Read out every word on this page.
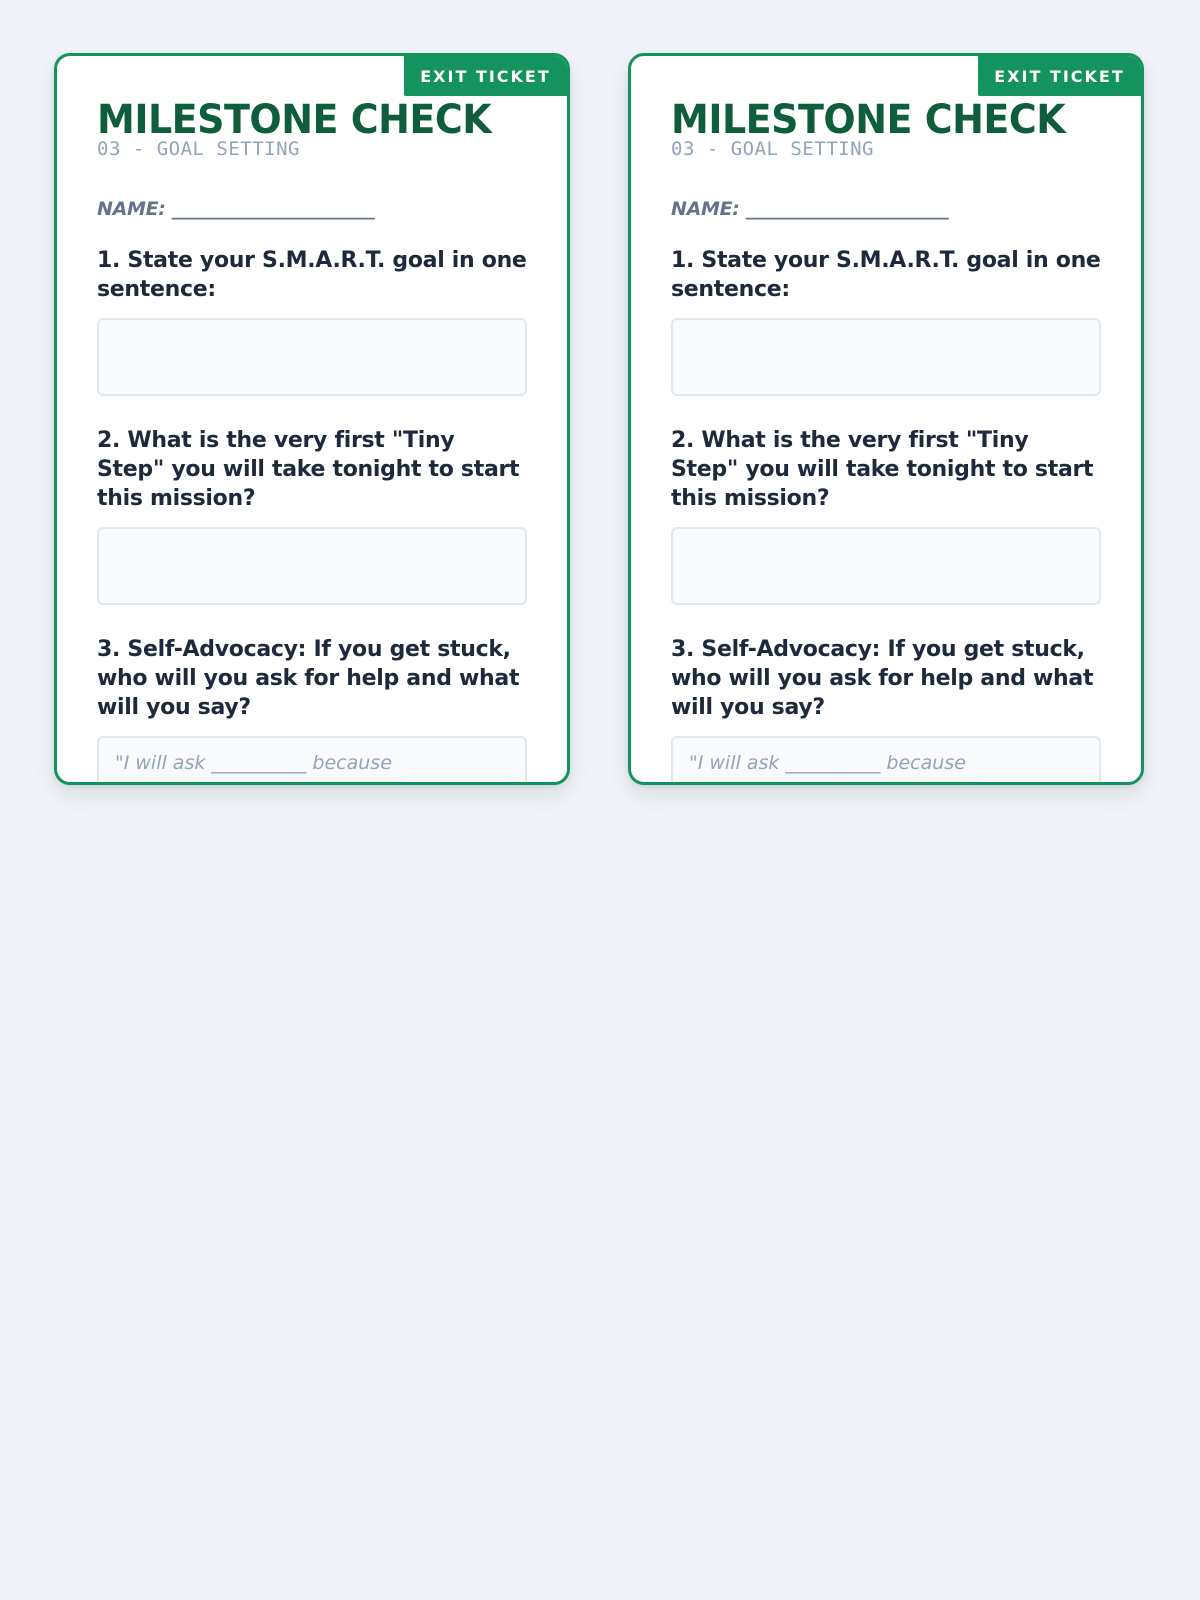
EXIT TICKET
MILESTONE CHECK
03 - GOAL SETTING
NAME: ______________________
1. State your S.M.A.R.T. goal in one sentence:
2. What is the very first "Tiny Step" you will take tonight to start this mission?
3. Self-Advocacy: If you get stuck, who will you ask for help and what will you say?
"I will ask __________ because
EXIT TICKET
MILESTONE CHECK
03 - GOAL SETTING
NAME: ______________________
1. State your S.M.A.R.T. goal in one sentence:
2. What is the very first "Tiny Step" you will take tonight to start this mission?
3. Self-Advocacy: If you get stuck, who will you ask for help and what will you say?
"I will ask __________ because
